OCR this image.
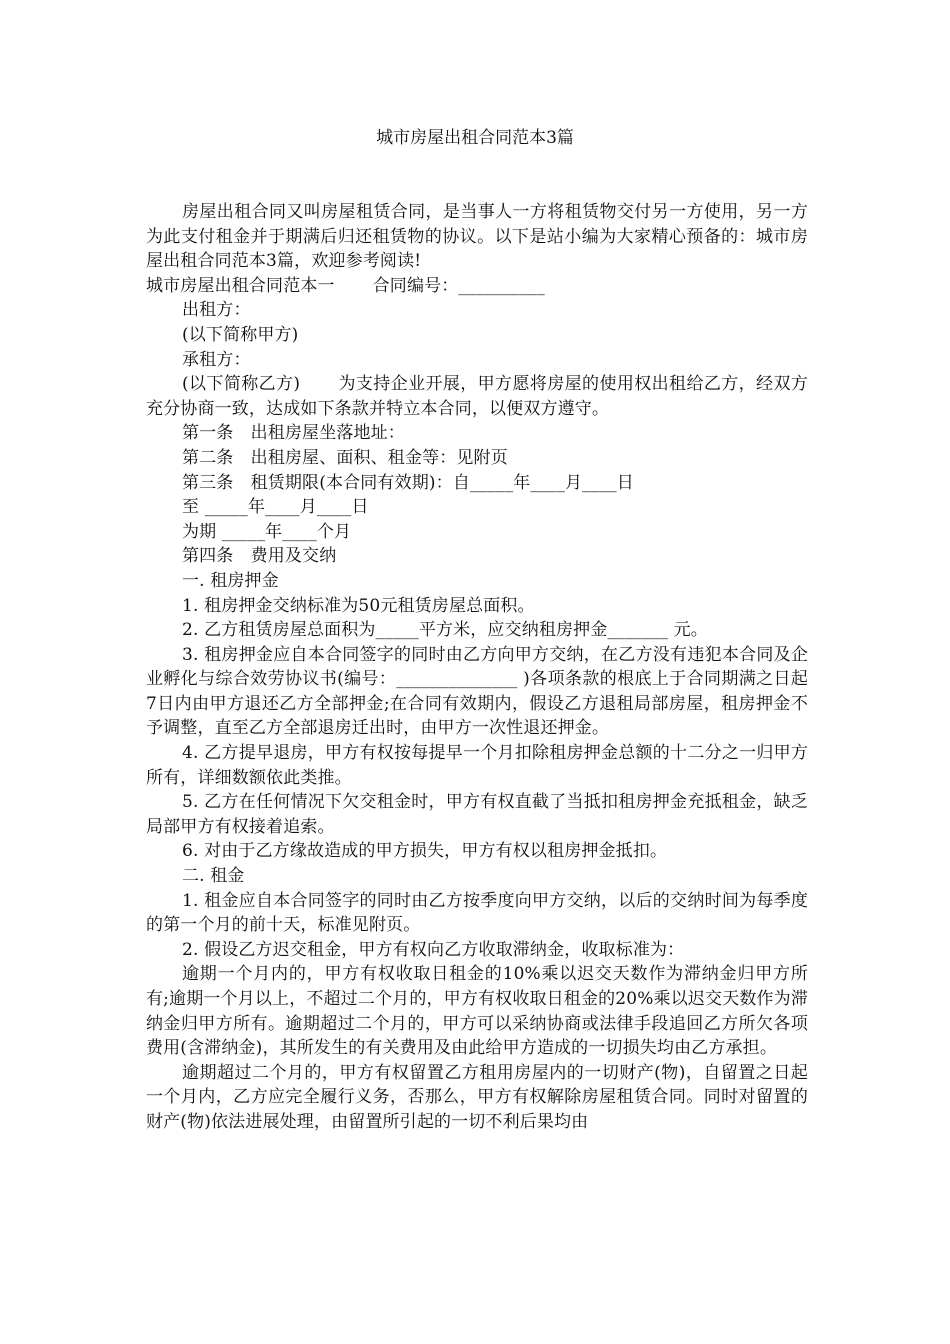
城市房屋出租合同范本3篇

房屋出租合同又叫房屋租赁合同，是当事人一方将租赁物交付另一方使用，另一方为此支付租金并于期满后归还租赁物的协议。以下是站小编为大家精心预备的：城市房屋出租合同范本3篇，欢迎参考阅读!

城市房屋出租合同范本一 合同编号：__________

出租方：

(以下简称甲方)

承租方：

(以下简称乙方) 为支持企业开展，甲方愿将房屋的使用权出租给乙方，经双方充分协商一致，达成如下条款并特立本合同，以便双方遵守。

第一条　出租房屋坐落地址：

第二条　出租房屋、面积、租金等：见附页

第三条　租赁期限(本合同有效期)：自_____年____月____日

至 _____年____月____日

为期 _____年____个月

第四条　费用及交纳

一. 租房押金

1. 租房押金交纳标准为50元租赁房屋总面积。

2. 乙方租赁房屋总面积为_____平方米，应交纳租房押金_______ 元。

3. 租房押金应自本合同签字的同时由乙方向甲方交纳，在乙方没有违犯本合同及企业孵化与综合效劳协议书(编号：______________ )各项条款的根底上于合同期满之日起7日内由甲方退还乙方全部押金;在合同有效期内，假设乙方退租局部房屋，租房押金不予调整，直至乙方全部退房迁出时，由甲方一次性退还押金。

4. 乙方提早退房，甲方有权按每提早一个月扣除租房押金总额的十二分之一归甲方所有，详细数额依此类推。

5. 乙方在任何情况下欠交租金时，甲方有权直截了当抵扣租房押金充抵租金，缺乏局部甲方有权接着追索。

6. 对由于乙方缘故造成的甲方损失，甲方有权以租房押金抵扣。

二. 租金

1. 租金应自本合同签字的同时由乙方按季度向甲方交纳，以后的交纳时间为每季度的第一个月的前十天，标准见附页。

2. 假设乙方迟交租金，甲方有权向乙方收取滞纳金，收取标准为：

逾期一个月内的，甲方有权收取日租金的10%乘以迟交天数作为滞纳金归甲方所有;逾期一个月以上，不超过二个月的，甲方有权收取日租金的20%乘以迟交天数作为滞纳金归甲方所有。逾期超过二个月的，甲方可以采纳协商或法律手段追回乙方所欠各项费用(含滞纳金)，其所发生的有关费用及由此给甲方造成的一切损失均由乙方承担。

逾期超过二个月的，甲方有权留置乙方租用房屋内的一切财产(物)，自留置之日起一个月内，乙方应完全履行义务，否那么，甲方有权解除房屋租赁合同。同时对留置的财产(物)依法进展处理，由留置所引起的一切不利后果均由
